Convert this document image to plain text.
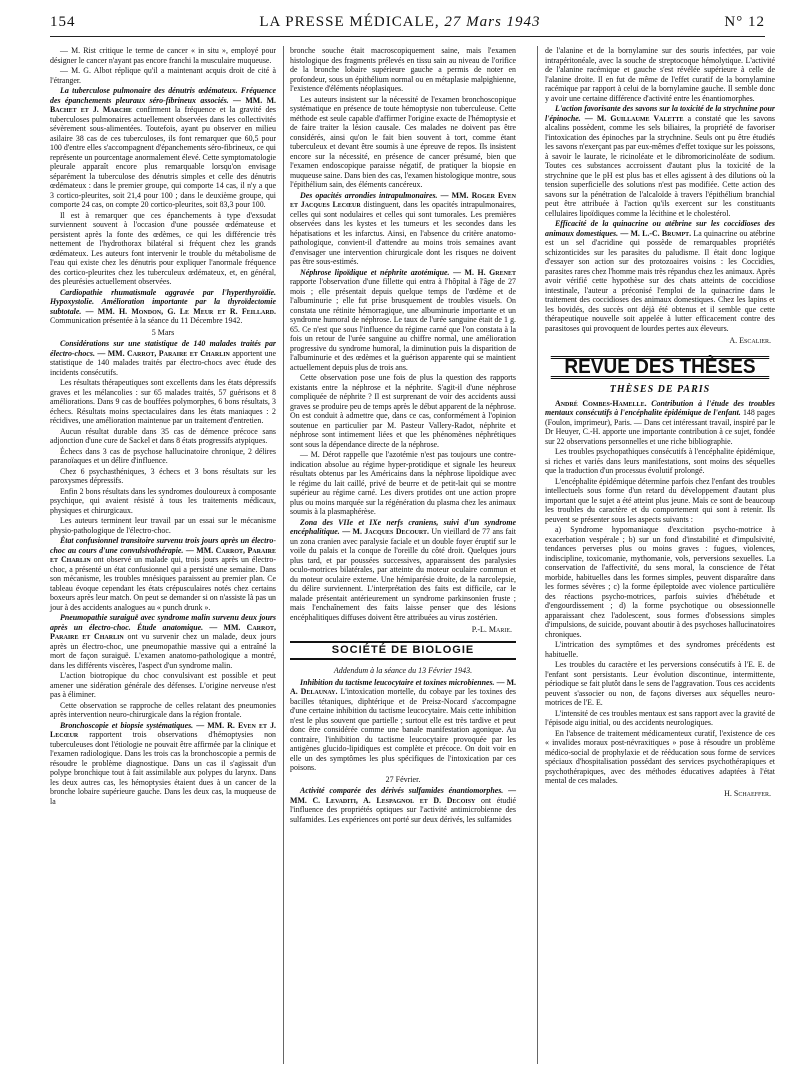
154	LA PRESSE MÉDICALE, 27 Mars 1943	N° 12

— M. Rist critique le terme de cancer « in situ », employé pour désigner le cancer n'ayant pas encore franchi la musculaire muqueuse.

— M. G. Albot réplique qu'il a maintenant acquis droit de cité à l'étranger.

La tuberculose pulmonaire des dénutris œdémateux. Fréquence des épanchements pleuraux séro-fibrineux associés. — MM. M. Bachet et J. Marche confirment la fréquence et la gravité des tuberculoses pulmonaires actuellement observées dans les collectivités sévèrement sous-alimentées. Toutefois, ayant pu observer en milieu asilaire 38 cas de ces tuberculoses, ils font remarquer que 60,5 pour 100 d'entre elles s'accompagnent d'épanchements séro-fibrineux, ce qui représente un pourcentage anormalement élevé. Cette symptomatologie pleurale apparaît encore plus remarquable lorsqu'on envisage séparément la tuberculose des dénutris simples et celle des dénutris œdémateux : dans le premier groupe, qui comporte 14 cas, il n'y a que 3 cortico-pleurites, soit 21,4 pour 100 ; dans le deuxième groupe, qui comporte 24 cas, on compte 20 cortico-pleurites, soit 83,3 pour 100.

Il est à remarquer que ces épanchements à type d'exsudat surviennent souvent à l'occasion d'une poussée œdémateuse et persistent après la fonte des œdèmes, ce qui les différencie très nettement de l'hydrothorax bilatéral si fréquent chez les grands œdémateux. Les auteurs font intervenir le trouble du métabolisme de l'eau qui existe chez les dénutris pour expliquer l'anormale fréquence des cortico-pleurites chez les tuberculeux œdémateux, et, en général, des pleurésies actuellement observées.

Cardiopathie rhumatismale aggravée par l'hyperthyroïdie. Hypoxystolie. Amélioration importante par la thyroïdectomie subtotale. — MM. H. Mondon, G. Le Meur et R. Feillard. Communication présentée à la séance du 11 Décembre 1942.

5 Mars

Considérations sur une statistique de 140 malades traités par électro-chocs. — MM. Carrot, Paraire et Charlin apportent une statistique de 140 malades traités par électro-chocs avec étude des incidents consécutifs.

Les résultats thérapeutiques sont excellents dans les états dépressifs graves et les mélancolies : sur 65 malades traités, 57 guérisons et 8 améliorations. Dans 9 cas de bouffées polymorphes, 6 bons résultats, 3 échecs. Résultats moins spectaculaires dans les états maniaques : 2 récidives, une amélioration maintenue par un traitement d'entretien.

Aucun résultat durable dans 35 cas de démence précoce sans adjonction d'une cure de Sackel et dans 8 états progressifs atypiques.

Échecs dans 3 cas de psychose hallucinatoire chronique, 2 délires paranoïaques et un délire d'influence.

Chez 6 psychasthéniques, 3 échecs et 3 bons résultats sur les paroxysmes dépressifs.

Enfin 2 bons résultats dans les syndromes douloureux à composante psychique, qui avaient résisté à tous les traitements médicaux, physiques et chirurgicaux.

Les auteurs terminent leur travail par un essai sur le mécanisme physio-pathologique de l'électro-choc.

État confusionnel transitoire survenu trois jours après un électro-choc au cours d'une convulsivothérapie. — MM. Carrot, Paraire et Charlin ont observé un malade qui, trois jours après un électro-choc, a présenté un état confusionnel qui a persisté une semaine. Dans son mécanisme, les troubles mnésiques paraissent au premier plan. Ce tableau évoque cependant les états crépusculaires notés chez certains boxeurs après leur match. On peut se demander si on n'assiste là pas un jour à des accidents analogues au « punch drunk ».

Pneumopathie suraiguë avec syndrome malin survenu deux jours après un électro-choc. Étude anatomique. — MM. Carrot, Paraire et Charlin ont vu survenir chez un malade, deux jours après un électro-choc, une pneumopathie massive qui a entraîné la mort de façon suraiguë. L'examen anatomo-pathologique a montré, dans les différents viscères, l'aspect d'un syndrome malin.

L'action biotropique du choc convulsivant est possible et peut amener une sidération générale des défenses. L'origine nerveuse n'est pas à éliminer.

Cette observation se rapproche de celles relatant des pneumonies après intervention neuro-chirurgicale dans la région frontale.

Bronchoscopie et biopsie systématiques. — MM. R. Even et J. Lecœur rapportent trois observations d'hémoptysies non tuberculeuses dont l'étiologie ne pouvait être affirmée par la clinique et l'examen radiologique. Dans les trois cas la bronchoscopie a permis de résoudre le problème diagnostique. Dans un cas il s'agissait d'un polype bronchique tout à fait assimilable aux polypes du larynx. Dans les deux autres cas, les hémoptysies étaient dues à un cancer de la bronche lobaire supérieure gauche. Dans les deux cas, la muqueuse de la

bronche souche était macroscopiquement saine, mais l'examen histologique des fragments prélevés en tissu sain au niveau de l'orifice de la bronche lobaire supérieure gauche a permis de noter en profondeur, sous un épithélium normal ou en métaplasie malpighienne, l'existence d'éléments néoplasiques.

Les auteurs insistent sur la nécessité de l'examen bronchoscopique systématique en présence de toute hémoptysie non tuberculeuse. Cette méthode est seule capable d'affirmer l'origine exacte de l'hémoptysie et de faire traiter la lésion causale. Ces malades ne doivent pas être considérés, ainsi qu'on le fait bien souvent à tort, comme étant tuberculeux et devant être soumis à une épreuve de repos. Ils insistent encore sur la nécessité, en présence de cancer présumé, bien que l'examen endoscopique paraisse négatif, de pratiquer la biopsie en muqueuse saine. Dans bien des cas, l'examen histologique montre, sous l'épithélium sain, des éléments cancéreux.

Des opacités arrondies intrapulmonaires. — MM. Roger Even et Jacques Lecœur distinguent, dans les opacités intrapulmonaires, celles qui sont nodulaires et celles qui sont tumorales. Les premières observées dans les kystes et les tumeurs et les secondes dans les hépatisations et les infarctus. Ainsi, en l'absence du critère anatomo-pathologique, convient-il d'attendre au moins trois semaines avant d'envisager une intervention chirurgicale dont les risques ne doivent pas être sous-estimés.

Néphrose lipoïdique et néphrite azotémique. — M. H. Grenet rapporte l'observation d'une fillette qui entra à l'hôpital à l'âge de 27 mois ; elle présentait depuis quelque temps de l'œdème et de l'albuminurie ; elle fut prise brusquement de troubles visuels. On constata une rétinite hémorragique, une albuminurie importante et un syndrome humoral de néphrose. Le taux de l'urée sanguine était de 1 g. 65. Ce n'est que sous l'influence du régime carné que l'on constata à la fois un retour de l'urée sanguine au chiffre normal, une amélioration progressive du syndrome humoral, la diminution puis la disparition de l'albuminurie et des œdèmes et la guérison apparente qui se maintient actuellement depuis plus de trois ans.

Cette observation pose une fois de plus la question des rapports existants entre la néphrose et la néphrite. S'agit-il d'une néphrose compliquée de néphrite ? Il est surprenant de voir des accidents aussi graves se produire peu de temps après le début apparent de la néphrose. On est conduit à admettre que, dans ce cas, conformément à l'opinion soutenue en particulier par M. Pasteur Vallery-Radot, néphrite et néphrose sont intimement liées et que les phénomènes néphrétiques sont sous la dépendance directe de la néphrose.

— M. Dérot rappelle que l'azotémie n'est pas toujours une contre-indication absolue au régime hyper-protidique et signale les heureux résultats obtenus par les Américains dans la néphrose lipoïdique avec le régime du lait caillé, privé de beurre et de petit-lait qui se montre supérieur au régime carné. Les divers protides ont une action propre plus ou moins marquée sur la régénération du plasma chez les animaux soumis à la plasmaphérèse.

Zona des VIIe et IXe nerfs craniens, suivi d'un syndrome encéphalitique. — M. Jacques Decourt. Un vieillard de 77 ans fait un zona cranien avec paralysie faciale et un double foyer éruptif sur le voile du palais et la conque de l'oreille du côté droit. Quelques jours plus tard, et par poussées successives, apparaissent des paralysies oculo-motrices bilatérales, par atteinte du moteur oculaire commun et du moteur oculaire externe. Une hémiparésie droite, de la narcolepsie, du délire surviennent. L'interprétation des faits est difficile, car le malade présentait antérieurement un syndrome parkinsonien fruste ; mais l'enchaînement des faits laisse penser que des lésions encéphalitiques diffuses doivent être attribuées au virus zostérien.

P.-L. Marie.
SOCIÉTÉ DE BIOLOGIE
Addendum à la séance du 13 Février 1943.

Inhibition du tactisme leucocytaire et toxines microbiennes. — M. A. Delaunay. L'intoxication mortelle, du cobaye par les toxines des bacilles tétaniques, diphtérique et de Preisz-Nocard s'accompagne d'une certaine inhibition du tactisme leucocytaire. Mais cette inhibition n'est le plus souvent que partielle ; surtout elle est très tardive et peut donc être considérée comme une banale manifestation agonique. Au contraire, l'inhibition du tactisme leucocytaire provoquée par les antigènes glucido-lipidiques est complète et précoce. On doit voir en elle un des symptômes les plus spécifiques de l'intoxication par ces poisons.

27 Février.

Activité comparée des dérivés sulfamides énantiomorphes. — MM. C. Levaditi, A. Lespagnol et D. Decoisy ont étudié l'influence des propriétés optiques sur l'activité antimicrobienne des sulfamides. Les expériences ont porté sur deux dérivés, les sulfamides

de l'alanine et de la bornylamine sur des souris infectées, par voie intrapéritonéale, avec la souche de streptocoque hémolytique. L'activité de l'alanine racémique et gauche s'est révélée supérieure à celle de l'alanine droite. Il en fut de même de l'effet curatif de la bornylamine racémique par rapport à celui de la bornylamine gauche. Il semble donc y avoir une certaine différence d'activité entre les énantiomorphes.

L'action favorisante des savons sur la toxicité de la strychnine pour l'épinoche. — M. Guillaume Valette a constaté que les savons alcalins possèdent, comme les sels biliaires, la propriété de favoriser l'intoxication des épinoches par la strychnine. Seuls ont pu être étudiés les savons n'exerçant pas par eux-mêmes d'effet toxique sur les poissons, à savoir le laurate, le ricinoléate et le dibromoricinoléate de sodium. Toutes ces substances accroissent d'autant plus la toxicité de la strychnine que le pH est plus bas et elles agissent à des dilutions où la tension superficielle des solutions n'est pas modifiée. Cette action des savons sur la pénétration de l'alcaloïde à travers l'épithélium branchial peut être attribuée à l'action qu'ils exercent sur les constituants cellulaires lipoïdiques comme la lécithine et le cholestérol.

Efficacité de la quinacrine ou atébrine sur les coccidioses des animaux domestiques. — M. L.-C. Brumpt. La quinacrine ou atébrine est un sel d'acridine qui possède de remarquables propriétés schizonticides sur les parasites du paludisme. Il était donc logique d'essayer son action sur des protozoaires voisins : les Coccidies, parasites rares chez l'homme mais très répandus chez les animaux. Après avoir vérifié cette hypothèse sur des chats atteints de coccidiose intestinale, l'auteur a préconisé l'emploi de la quinacrine dans le traitement des coccidioses des animaux domestiques. Chez les lapins et les bovidés, des succès ont déjà été obtenus et il semble que cette thérapeutique nouvelle soit appelée à lutter efficacement contre des parasitoses qui provoquent de lourdes pertes aux éleveurs.

A. Escalier.
REVUE DES THÈSES
THÈSES DE PARIS

André Combes-Hamelle. Contribution à l'étude des troubles mentaux consécutifs à l'encéphalite épidémique de l'enfant. 148 pages (Foulon, imprimeur), Paris. — Dans cet intéressant travail, inspiré par le Dr Heuyer, C.-H. apporte une importante contribution à ce sujet, fondée sur 22 observations personnelles et une riche bibliographie.

Les troubles psychopathiques consécutifs à l'encéphalite épidémique, si riches et variés dans leurs manifestations, sont moins des séquelles que la traduction d'un processus évolutif prolongé.

L'encéphalite épidémique détermine parfois chez l'enfant des troubles intellectuels sous forme d'un retard du développement d'autant plus important que le sujet a été atteint plus jeune. Mais ce sont de beaucoup les troubles du caractère et du comportement qui sont à retenir. Ils peuvent se présenter sous les aspects suivants :

a) Syndrome hypomaniaque d'excitation psycho-motrice à exacerbation vespérale ; b) sur un fond d'instabilité et d'impulsivité, tendances perverses plus ou moins graves : fugues, violences, indiscipline, toxicomanie, mythomanie, vols, perversions sexuelles. La conservation de l'affectivité, du sens moral, la conscience de l'état morbide, habituelles dans les formes simples, peuvent disparaître dans les formes sévères ; c) la forme épileptoïde avec violence particulière des réactions psycho-motrices, parfois suivies d'hébétude et d'engourdissement ; d) la forme psychotique ou obsessionnelle apparaissant chez l'adolescent, sous formes d'obsessions simples d'impulsions, de suicide, pouvant aboutir à des psychoses hallucinatoires chroniques.

L'intrication des symptômes et des syndromes précédents est habituelle.

Les troubles du caractère et les perversions consécutifs à l'E. E. de l'enfant sont persistants. Leur évolution discontinue, intermittente, périodique se fait plutôt dans le sens de l'aggravation. Tous ces accidents peuvent s'associer ou non, de façons diverses aux séquelles neuro-motrices de l'E. E.

L'intensité de ces troubles mentaux est sans rapport avec la gravité de l'épisode aigu initial, ou des accidents neurologiques.

En l'absence de traitement médicamenteux curatif, l'existence de ces « invalides moraux post-névraxitiques » pose à résoudre un problème médico-social de prophylaxie et de rééducation sous forme de services spéciaux d'hospitalisation possédant des services psychothérapiques et psychothérapiques, avec des méthodes éducatives adaptées à l'état mental de ces malades.

H. Schaeffer.
